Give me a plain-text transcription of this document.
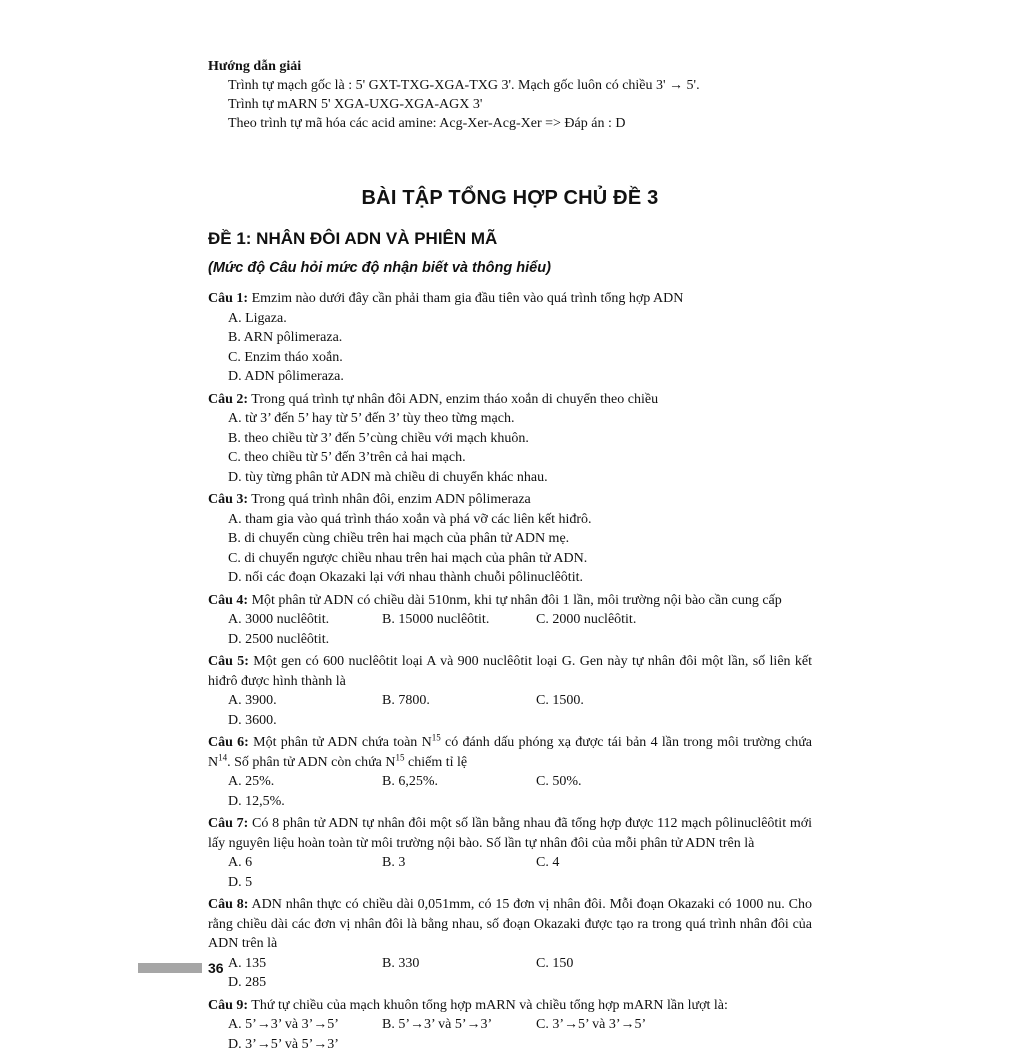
Hướng dẫn giải
Trình tự mạch gốc là : 5' GXT-TXG-XGA-TXG 3'. Mạch gốc luôn có chiều 3' → 5'.
Trình tự mARN 5' XGA-UXG-XGA-AGX 3'
Theo trình tự mã hóa các acid amine: Acg-Xer-Acg-Xer => Đáp án : D
BÀI TẬP TỔNG HỢP CHỦ ĐỀ 3
ĐỀ 1: NHÂN ĐÔI ADN VÀ PHIÊN MÃ
(Mức độ Câu hỏi mức độ nhận biết và thông hiểu)
Câu 1: Emzim nào dưới đây cần phải tham gia đầu tiên vào quá trình tổng hợp ADN
A. Ligaza.
B. ARN pôlimeraza.
C. Enzim tháo xoắn.
D. ADN pôlimeraza.
Câu 2: Trong quá trình tự nhân đôi ADN, enzim tháo xoắn di chuyển theo chiều
A. từ 3’ đến 5’ hay từ 5’ đến 3’ tùy theo từng mạch.
B. theo chiều từ 3’ đến 5’cùng chiều với mạch khuôn.
C. theo chiều từ 5’ đến 3’trên cả hai mạch.
D. tùy từng phân tử ADN mà chiều di chuyển khác nhau.
Câu 3: Trong quá trình nhân đôi, enzim ADN pôlimeraza
A. tham gia vào quá trình tháo xoắn và phá vỡ các liên kết hiđrô.
B. di chuyển cùng chiều trên hai mạch của phân tử ADN mẹ.
C. di chuyển ngược chiều nhau trên hai mạch của phân tử ADN.
D. nối các đoạn Okazaki lại với nhau thành chuỗi pôlinuclêôtit.
Câu 4: Một phân tử ADN có chiều dài 510nm, khi tự nhân đôi 1 lần, môi trường nội bào cần cung cấp
A. 3000 nuclêôtit.	B. 15000 nuclêôtit.	C. 2000 nuclêôtit.
D. 2500 nuclêôtit.
Câu 5: Một gen có 600 nuclêôtit loại A và 900 nuclêôtit loại G. Gen này tự nhân đôi một lần, số liên kết hiđrô được hình thành là
A. 3900.	B. 7800.	C. 1500.
D. 3600.
Câu 6: Một phân tử ADN chứa toàn $N^{15}$ có đánh dấu phóng xạ được tái bản 4 lần trong môi trường chứa $N^{14}$. Số phân tử ADN còn chứa $N^{15}$ chiếm tỉ lệ
A. 25%.	B. 6,25%.	C. 50%.
D. 12,5%.
Câu 7: Có 8 phân tử ADN tự nhân đôi một số lần bằng nhau đã tổng hợp được 112 mạch pôlinuclêôtit mới lấy nguyên liệu hoàn toàn từ môi trường nội bào. Số lần tự nhân đôi của mỗi phân tử ADN trên là
A. 6	B. 3	C. 4
D. 5
Câu 8: ADN nhân thực có chiều dài 0,051mm, có 15 đơn vị nhân đôi. Mỗi đoạn Okazaki có 1000 nu. Cho rằng chiều dài các đơn vị nhân đôi là bằng nhau, số đoạn Okazaki được tạo ra trong quá trình nhân đôi của ADN trên là
A. 135	B. 330	C. 150
D. 285
Câu 9: Thứ tự chiều của mạch khuôn tổng hợp mARN và chiều tổng hợp mARN lần lượt là:
A. 5’→3’ và 3’→5’	B. 5’→3’ và 5’→3’	C. 3’→5’ và 3’→5’
D. 3’→5’ và 5’→3’
36
